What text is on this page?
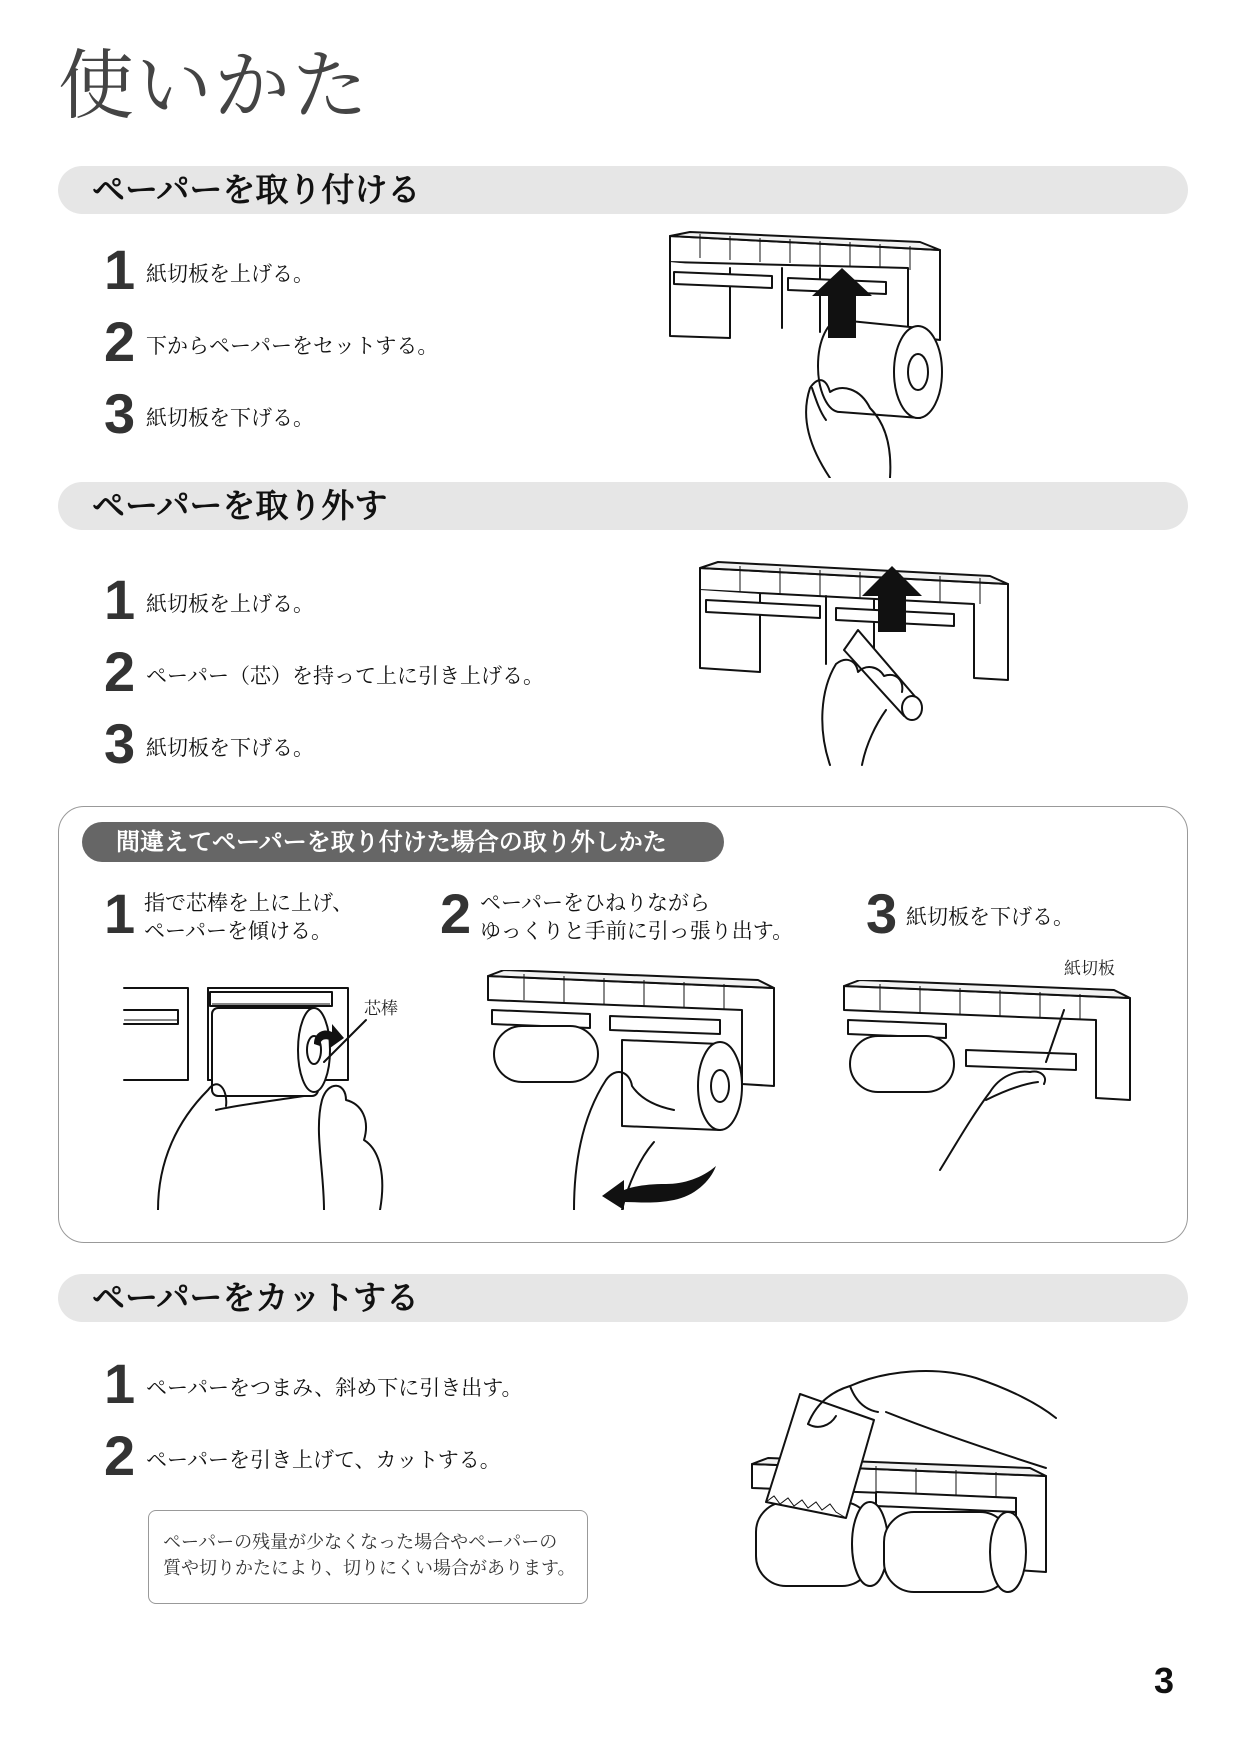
使いかた
ペーパーを取り付ける
1 紙切板を上げる。
2 下からペーパーをセットする。
3 紙切板を下げる。
ペーパーを取り外す
1 紙切板を上げる。
2 ペーパー（芯）を持って上に引き上げる。
3 紙切板を下げる。
間違えてペーパーを取り付けた場合の取り外しかた
1 指で芯棒を上に上げ、
ペーパーを傾ける。 2 ペーパーをひねりながら
ゆっくりと手前に引っ張り出す。 3 紙切板を下げる。
芯棒
紙切板
ペーパーをカットする
1 ペーパーをつまみ、斜め下に引き出す。
2 ペーパーを引き上げて、カットする。
ペーパーの残量が少なくなった場合やペーパーの
質や切りかたにより、切りにくい場合があります。
3
